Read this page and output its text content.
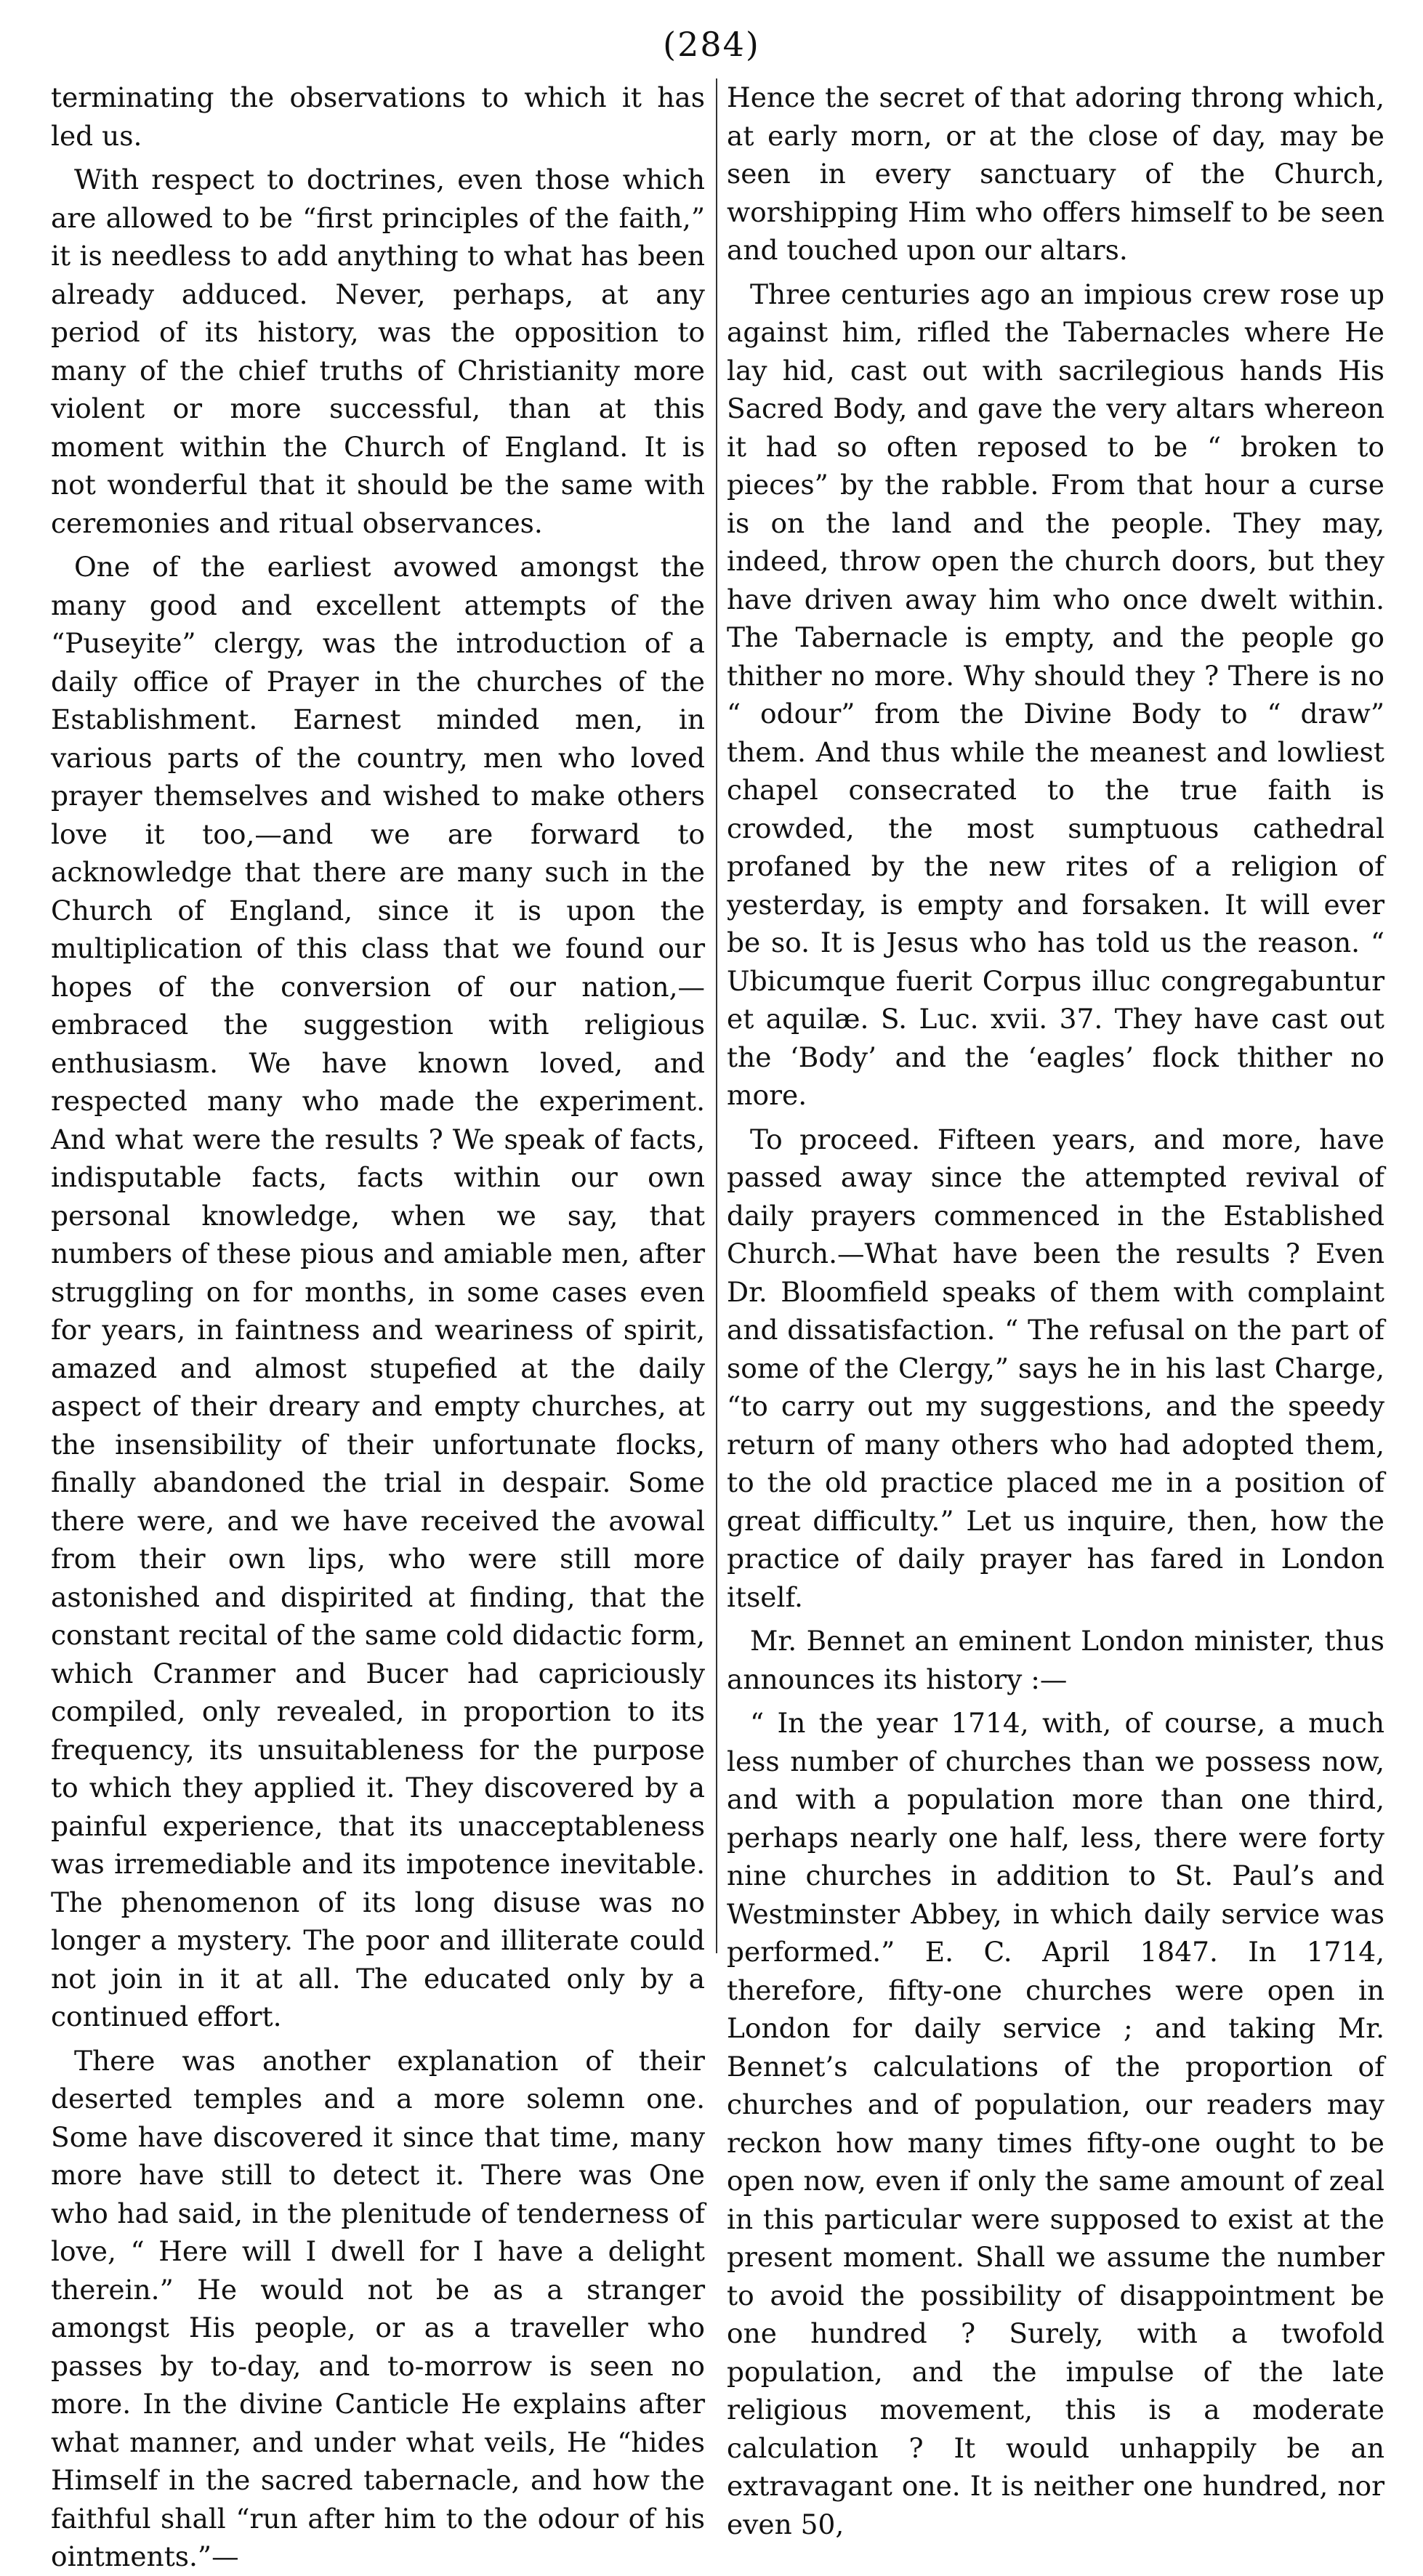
(284)

terminating the observations to which it has led us.

With respect to doctrines, even those which are allowed to be “first principles of the faith,” it is needless to add anything to what has been already adduced. Never, perhaps, at any period of its history, was the opposition to many of the chief truths of Christianity more violent or more successful, than at this moment within the Church of England. It is not wonderful that it should be the same with ceremonies and ritual observances.

One of the earliest avowed amongst the many good and excellent attempts of the “Puseyite” clergy, was the introduction of a daily office of Prayer in the churches of the Establishment. Earnest minded men, in various parts of the country, men who loved prayer themselves and wished to make others love it too,—and we are forward to acknowledge that there are many such in the Church of England, since it is upon the multiplication of this class that we found our hopes of the conversion of our nation,—embraced the suggestion with religious enthusiasm. We have known loved, and respected many who made the experiment. And what were the results ? We speak of facts, indisputable facts, facts within our own personal knowledge, when we say, that numbers of these pious and amiable men, after struggling on for months, in some cases even for years, in faintness and weariness of spirit, amazed and almost stupefied at the daily aspect of their dreary and empty churches, at the insensibility of their unfortunate flocks, finally abandoned the trial in despair. Some there were, and we have received the avowal from their own lips, who were still more astonished and dispirited at finding, that the constant recital of the same cold didactic form, which Cranmer and Bucer had capriciously compiled, only revealed, in proportion to its frequency, its unsuitableness for the purpose to which they applied it. They discovered by a painful experience, that its unacceptableness was irremediable and its impotence inevitable. The phenomenon of its long disuse was no longer a mystery. The poor and illiterate could not join in it at all. The educated only by a continued effort.

There was another explanation of their deserted temples and a more solemn one. Some have discovered it since that time, many more have still to detect it. There was One who had said, in the plenitude of tenderness of love, “ Here will I dwell for I have a delight therein.” He would not be as a stranger amongst His people, or as a traveller who passes by to-day, and to-morrow is seen no more. In the divine Canticle He explains after what manner, and under what veils, He “hides Himself in the sacred tabernacle, and how the faithful shall “run after him to the odour of his ointments.”—

Hence the secret of that adoring throng which, at early morn, or at the close of day, may be seen in every sanctuary of the Church, worshipping Him who offers himself to be seen and touched upon our altars.

Three centuries ago an impious crew rose up against him, rifled the Tabernacles where He lay hid, cast out with sacrilegious hands His Sacred Body, and gave the very altars whereon it had so often reposed to be “ broken to pieces” by the rabble. From that hour a curse is on the land and the people. They may, indeed, throw open the church doors, but they have driven away him who once dwelt within. The Tabernacle is empty, and the people go thither no more. Why should they ? There is no “ odour” from the Divine Body to “ draw” them. And thus while the meanest and lowliest chapel consecrated to the true faith is crowded, the most sumptuous cathedral profaned by the new rites of a religion of yesterday, is empty and forsaken. It will ever be so. It is Jesus who has told us the reason. “ Ubicumque fuerit Corpus illuc congregabuntur et aquilæ. S. Luc. xvii. 37. They have cast out the ‘Body’ and the ‘eagles’ flock thither no more.

To proceed. Fifteen years, and more, have passed away since the attempted revival of daily prayers commenced in the Established Church.—What have been the results ? Even Dr. Bloomfield speaks of them with complaint and dissatisfaction. “ The refusal on the part of some of the Clergy,” says he in his last Charge, “to carry out my suggestions, and the speedy return of many others who had adopted them, to the old practice placed me in a position of great difficulty.” Let us inquire, then, how the practice of daily prayer has fared in London itself.

Mr. Bennet an eminent London minister, thus announces its history :—

“ In the year 1714, with, of course, a much less number of churches than we possess now, and with a population more than one third, perhaps nearly one half, less, there were forty nine churches in addition to St. Paul’s and Westminster Abbey, in which daily service was performed.” E. C. April 1847. In 1714, therefore, fifty-one churches were open in London for daily service ; and taking Mr. Bennet’s calculations of the proportion of churches and of population, our readers may reckon how many times fifty-one ought to be open now, even if only the same amount of zeal in this particular were supposed to exist at the present moment. Shall we assume the number to avoid the possibility of disappointment be one hundred ? Surely, with a twofold population, and the impulse of the late religious movement, this is a moderate calculation ? It would unhappily be an extravagant one. It is neither one hundred, nor even 50,
